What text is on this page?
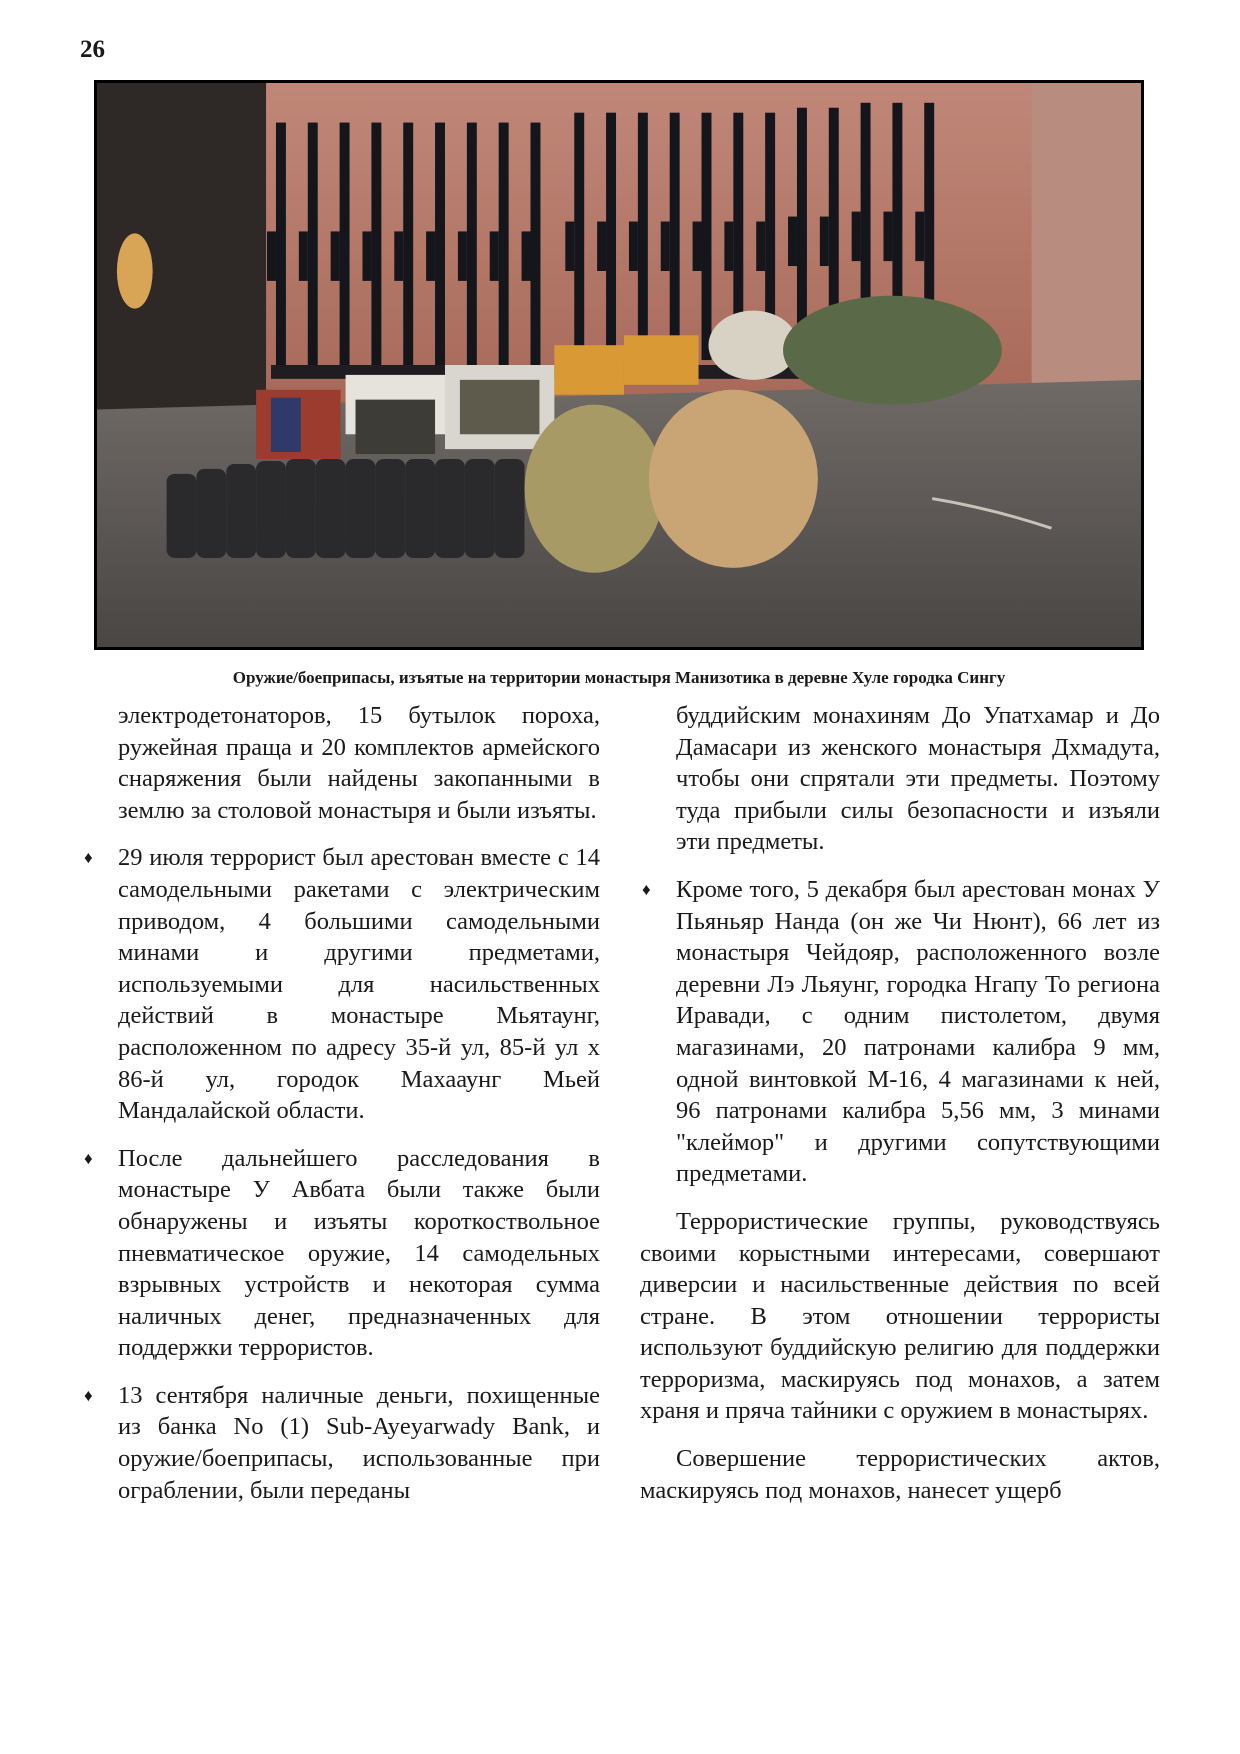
26
Оружие/боеприпасы, изъятые на территории монастыря Манизотика в деревне Хуле городка Сингу

электродетонаторов, 15 бутылок пороха, ружейная праща и 20 комплектов армейского снаряжения были найдены закопанными в землю за столовой монастыря и были изъяты.

♦ 29 июля террорист был арестован вместе с 14 самодельными ракетами с электрическим приводом, 4 большими самодельными минами и другими предметами, используемыми для насильственных действий в монастыре Мьятаунг, расположенном по адресу 35-й ул, 85-й ул х 86-й ул, городок Махааунг Мьей Мандалайской области.
♦ После дальнейшего расследования в монастыре У Авбата были также были обнаружены и изъяты короткоствольное пневматическое оружие, 14 самодельных взрывных устройств и некоторая сумма наличных денег, предназначенных для поддержки террористов.
♦ 13 сентября наличные деньги, похищенные из банка No (1) Sub-Ayeyarwady Bank, и оружие/боеприпасы, использованные при ограблении, были переданы

буддийским монахиням До Упатхамар и До Дамасари из женского монастыря Дхмадута, чтобы они спрятали эти предметы. Поэтому туда прибыли силы безопасности и изъяли эти предметы.

♦ Кроме того, 5 декабря был арестован монах У Пьяньяр Нанда (он же Чи Нюнт), 66 лет из монастыря Чейдояр, расположенного возле деревни Лэ Льяунг, городка Нгапу То региона Иравади, с одним пистолетом, двумя магазинами, 20 патронами калибра 9 мм, одной винтовкой М-16, 4 магазинами к ней, 96 патронами калибра 5,56 мм, 3 минами "клеймор" и другими сопутствующими предметами.

Террористические группы, руководствуясь своими корыстными интересами, совершают диверсии и насильственные действия по всей стране. В этом отношении террористы используют буддийскую религию для поддержки терроризма, маскируясь под монахов, а затем храня и пряча тайники с оружием в монастырях.

Совершение террористических актов, маскируясь под монахов, нанесет ущерб
